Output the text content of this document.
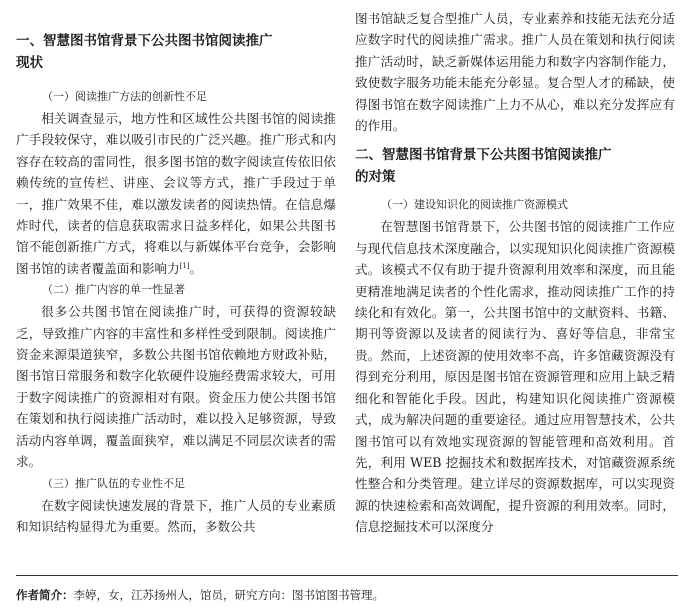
一、智慧图书馆背景下公共图书馆阅读推广
现状

（一）阅读推广方法的创新性不足

相关调查显示，地方性和区域性公共图书馆的阅读推广手段较保守，难以吸引市民的广泛兴趣。推广形式和内容存在较高的雷同性，很多图书馆的数字阅读宣传依旧依赖传统的宣传栏、讲座、会议等方式，推广手段过于单一，推广效果不佳，难以激发读者的阅读热情。在信息爆炸时代，读者的信息获取需求日益多样化，如果公共图书馆不能创新推广方式，将难以与新媒体平台竞争，会影响图书馆的读者覆盖面和影响力[1]。

（二）推广内容的单一性显著

很多公共图书馆在阅读推广时，可获得的资源较缺乏，导致推广内容的丰富性和多样性受到限制。阅读推广资金来源渠道狭窄，多数公共图书馆依赖地方财政补贴，图书馆日常服务和数字化软硬件设施经费需求较大，可用于数字阅读推广的资源相对有限。资金压力使公共图书馆在策划和执行阅读推广活动时，难以投入足够资源，导致活动内容单调，覆盖面狭窄，难以满足不同层次读者的需求。

（三）推广队伍的专业性不足

在数字阅读快速发展的背景下，推广人员的专业素质和知识结构显得尤为重要。然而，多数公共

图书馆缺乏复合型推广人员，专业素养和技能无法充分适应数字时代的阅读推广需求。推广人员在策划和执行阅读推广活动时，缺乏新媒体运用能力和数字内容制作能力，致使数字服务功能未能充分彰显。复合型人才的稀缺，使得图书馆在数字阅读推广上力不从心，难以充分发挥应有的作用。

二、智慧图书馆背景下公共图书馆阅读推广
的对策

（一）建设知识化的阅读推广资源模式

在智慧图书馆背景下，公共图书馆的阅读推广工作应与现代信息技术深度融合，以实现知识化阅读推广资源模式。该模式不仅有助于提升资源利用效率和深度，而且能更精准地满足读者的个性化需求，推动阅读推广工作的持续化和有效化。第一，公共图书馆中的文献资料、书籍、期刊等资源以及读者的阅读行为、喜好等信息，非常宝贵。然而，上述资源的使用效率不高，许多馆藏资源没有得到充分利用，原因是图书馆在资源管理和应用上缺乏精细化和智能化手段。因此，构建知识化阅读推广资源模式，成为解决问题的重要途径。通过应用智慧技术，公共图书馆可以有效地实现资源的智能管理和高效利用。首先，利用 WEB 挖掘技术和数据库技术，对馆藏资源系统性整合和分类管理。建立详尽的资源数据库，可以实现资源的快速检索和高效调配，提升资源的利用效率。同时，信息挖掘技术可以深度分

作者简介：李婷，女，江苏扬州人，馆员，研究方向：图书馆图书管理。
